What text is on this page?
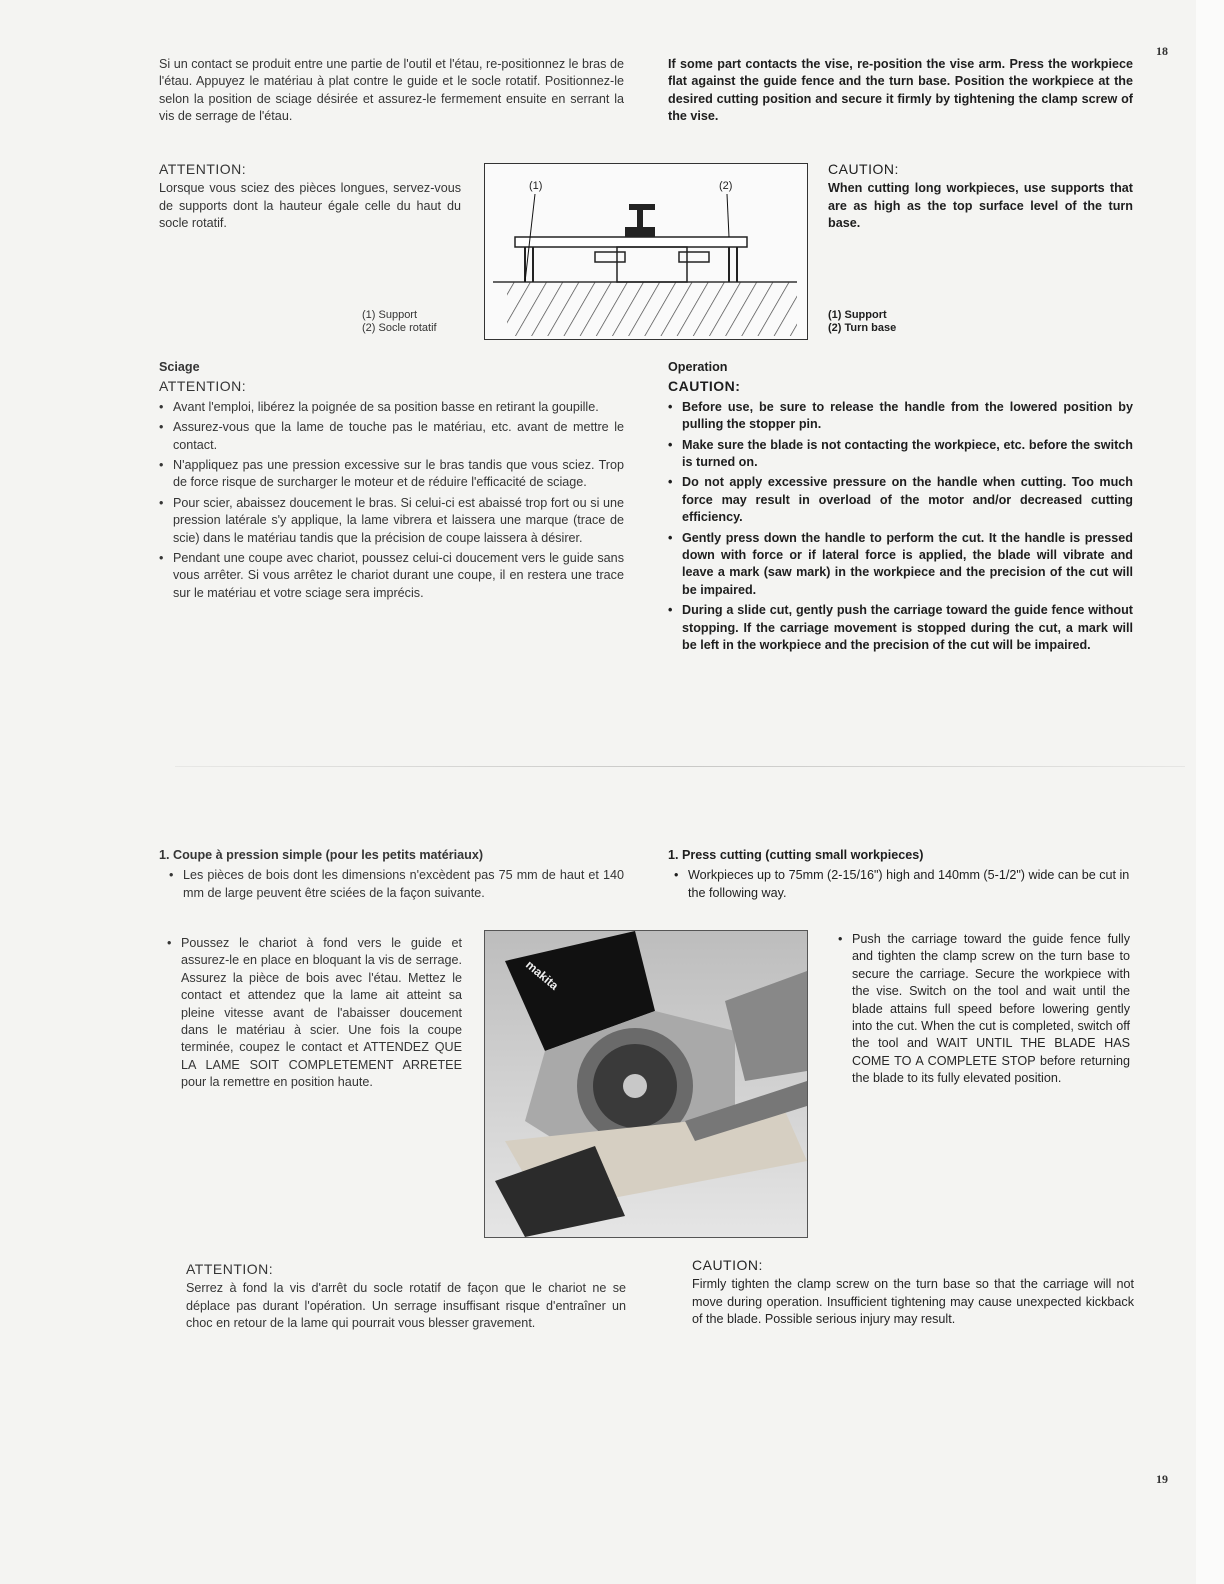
18
19
Si un contact se produit entre une partie de l'outil et l'étau, re-positionnez le bras de l'étau. Appuyez le matériau à plat contre le guide et le socle rotatif. Positionnez-le selon la position de sciage désirée et assurez-le fermement ensuite en serrant la vis de serrage de l'étau.
If some part contacts the vise, re-position the vise arm. Press the workpiece flat against the guide fence and the turn base. Position the workpiece at the desired cutting position and secure it firmly by tightening the clamp screw of the vise.
ATTENTION:
Lorsque vous sciez des pièces longues, servez-vous de supports dont la hauteur égale celle du haut du socle rotatif.
CAUTION:
When cutting long workpieces, use supports that are as high as the top surface level of the turn base.
(1)	(2)
(1) Support
(2) Socle rotatif
(1) Support
(2) Turn base
Sciage
ATTENTION:
• Avant l'emploi, libérez la poignée de sa position basse en retirant la goupille.
• Assurez-vous que la lame de touche pas le matériau, etc. avant de mettre le contact.
• N'appliquez pas une pression excessive sur le bras tandis que vous sciez. Trop de force risque de surcharger le moteur et de réduire l'efficacité de sciage.
• Pour scier, abaissez doucement le bras. Si celui-ci est abaissé trop fort ou si une pression latérale s'y applique, la lame vibrera et laissera une marque (trace de scie) dans le matériau tandis que la précision de coupe laissera à désirer.
• Pendant une coupe avec chariot, poussez celui-ci doucement vers le guide sans vous arrêter. Si vous arrêtez le chariot durant une coupe, il en restera une trace sur le matériau et votre sciage sera imprécis.
Operation
CAUTION:
• Before use, be sure to release the handle from the lowered position by pulling the stopper pin.
• Make sure the blade is not contacting the workpiece, etc. before the switch is turned on.
• Do not apply excessive pressure on the handle when cutting. Too much force may result in overload of the motor and/or decreased cutting efficiency.
• Gently press down the handle to perform the cut. It the handle is pressed down with force or if lateral force is applied, the blade will vibrate and leave a mark (saw mark) in the workpiece and the precision of the cut will be impaired.
• During a slide cut, gently push the carriage toward the guide fence without stopping. If the carriage movement is stopped during the cut, a mark will be left in the workpiece and the precision of the cut will be impaired.
1. Coupe à pression simple (pour les petits matériaux)
• Les pièces de bois dont les dimensions n'excèdent pas 75 mm de haut et 140 mm de large peuvent être sciées de la façon suivante.
• Poussez le chariot à fond vers le guide et assurez-le en place en bloquant la vis de serrage. Assurez la pièce de bois avec l'étau. Mettez le contact et attendez que la lame ait atteint sa pleine vitesse avant de l'abaisser doucement dans le matériau à scier. Une fois la coupe terminée, coupez le contact et ATTENDEZ QUE LA LAME SOIT COMPLETEMENT ARRETEE pour la remettre en position haute.
1. Press cutting (cutting small workpieces)
• Workpieces up to 75mm (2-15/16") high and 140mm (5-1/2") wide can be cut in the following way.
• Push the carriage toward the guide fence fully and tighten the clamp screw on the turn base to secure the carriage. Secure the workpiece with the vise. Switch on the tool and wait until the blade attains full speed before lowering gently into the cut. When the cut is completed, switch off the tool and WAIT UNTIL THE BLADE HAS COME TO A COMPLETE STOP before returning the blade to its fully elevated position.
makita
ATTENTION:
Serrez à fond la vis d'arrêt du socle rotatif de façon que le chariot ne se déplace pas durant l'opération. Un serrage insuffisant risque d'entraîner un choc en retour de la lame qui pourrait vous blesser gravement.
CAUTION:
Firmly tighten the clamp screw on the turn base so that the carriage will not move during operation. Insufficient tightening may cause unexpected kickback of the blade. Possible serious injury may result.
